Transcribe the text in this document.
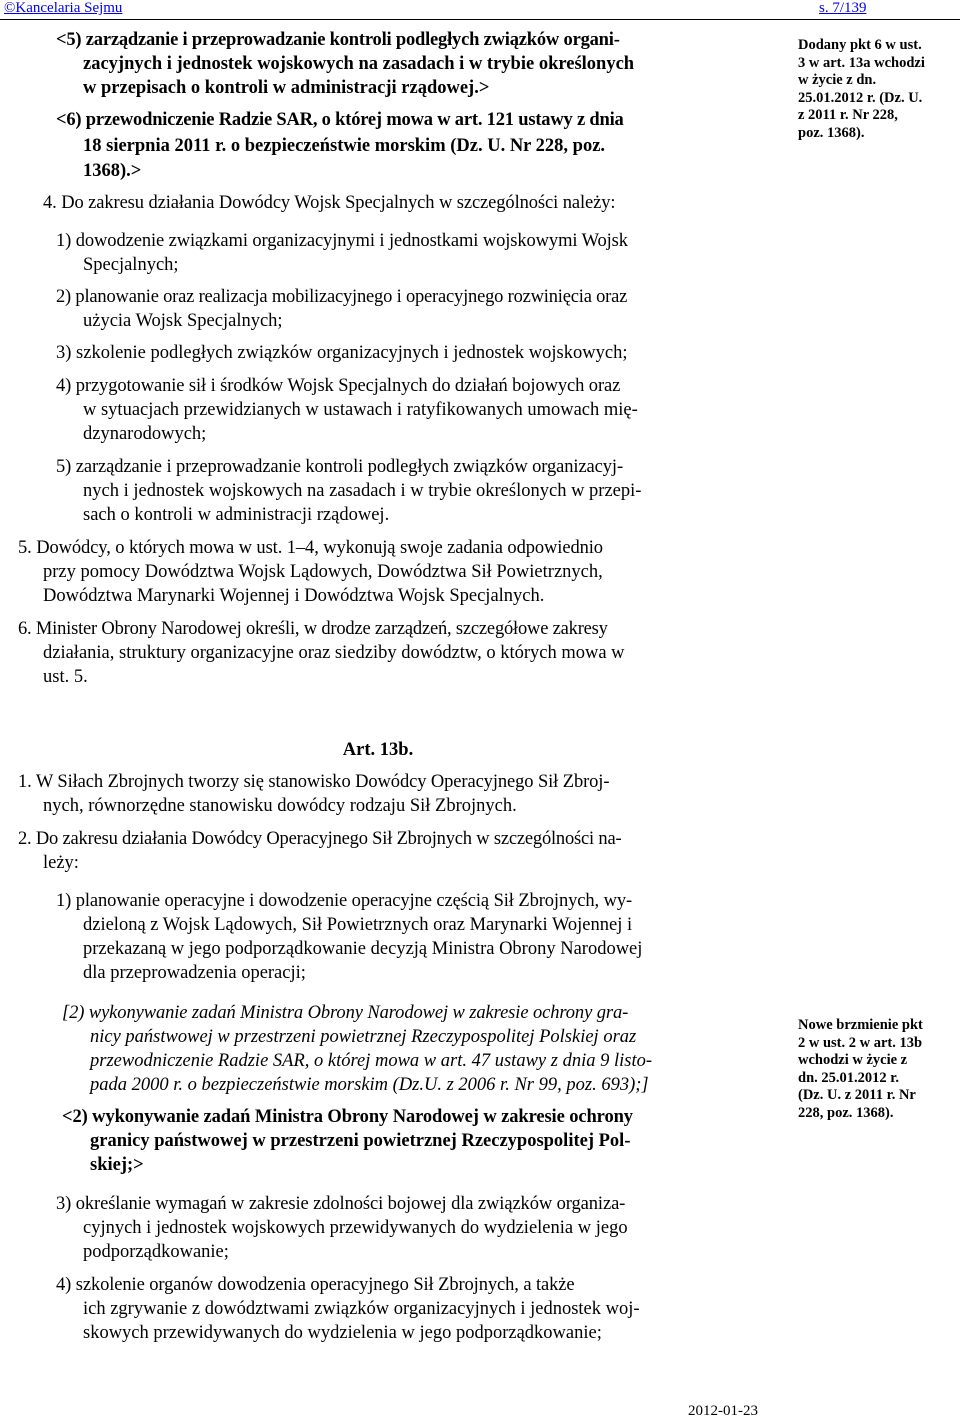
©Kancelaria Sejmu	s. 7/139
Dodany pkt 6 w ust.
3 w art. 13a wchodzi
w życie z dn.
25.01.2012 r. (Dz. U.
z 2011 r. Nr 228,
poz. 1368).
Nowe brzmienie pkt
2 w ust. 2 w art. 13b
wchodzi w życie z
dn. 25.01.2012 r.
(Dz. U. z 2011 r. Nr
228, poz. 1368).
<5) zarządzanie i przeprowadzanie kontroli podległych związków organi-
zacyjnych i jednostek wojskowych na zasadach i w trybie określonych
w przepisach o kontroli w administracji rządowej.>
<6) przewodniczenie Radzie SAR, o której mowa w art. 121 ustawy z dnia
18 sierpnia 2011 r. o bezpieczeństwie morskim (Dz. U. Nr 228, poz.
1368).>
4. Do zakresu działania Dowódcy Wojsk Specjalnych w szczególności należy:
1) dowodzenie związkami organizacyjnymi i jednostkami wojskowymi Wojsk
Specjalnych;
2) planowanie oraz realizacja mobilizacyjnego i operacyjnego rozwinięcia oraz
użycia Wojsk Specjalnych;
3) szkolenie podległych związków organizacyjnych i jednostek wojskowych;
4) przygotowanie sił i środków Wojsk Specjalnych do działań bojowych oraz
w sytuacjach przewidzianych w ustawach i ratyfikowanych umowach mię-
dzynarodowych;
5) zarządzanie i przeprowadzanie kontroli podległych związków organizacyj-
nych i jednostek wojskowych na zasadach i w trybie określonych w przepi-
sach o kontroli w administracji rządowej.
5. Dowódcy, o których mowa w ust. 1–4, wykonują swoje zadania odpowiednio
przy pomocy Dowództwa Wojsk Lądowych, Dowództwa Sił Powietrznych,
Dowództwa Marynarki Wojennej i Dowództwa Wojsk Specjalnych.
6. Minister Obrony Narodowej określi, w drodze zarządzeń, szczegółowe zakresy
działania, struktury organizacyjne oraz siedziby dowództw, o których mowa w
ust. 5.
Art. 13b.
1. W Siłach Zbrojnych tworzy się stanowisko Dowódcy Operacyjnego Sił Zbroj-
nych, równorzędne stanowisku dowódcy rodzaju Sił Zbrojnych.
2. Do zakresu działania Dowódcy Operacyjnego Sił Zbrojnych w szczególności na-
leży:
1) planowanie operacyjne i dowodzenie operacyjne częścią Sił Zbrojnych, wy-
dzieloną z Wojsk Lądowych, Sił Powietrznych oraz Marynarki Wojennej i
przekazaną w jego podporządkowanie decyzją Ministra Obrony Narodowej
dla przeprowadzenia operacji;
[2) wykonywanie zadań Ministra Obrony Narodowej w zakresie ochrony gra-
nicy państwowej w przestrzeni powietrznej Rzeczypospolitej Polskiej oraz
przewodniczenie Radzie SAR, o której mowa w art. 47 ustawy z dnia 9 listo-
pada 2000 r. o bezpieczeństwie morskim (Dz.U. z 2006 r. Nr 99, poz. 693);]
<2) wykonywanie zadań Ministra Obrony Narodowej w zakresie ochrony
granicy państwowej w przestrzeni powietrznej Rzeczypospolitej Pol-
skiej;>
3) określanie wymagań w zakresie zdolności bojowej dla związków organiza-
cyjnych i jednostek wojskowych przewidywanych do wydzielenia w jego
podporządkowanie;
4) szkolenie organów dowodzenia operacyjnego Sił Zbrojnych, a także
ich zgrywanie z dowództwami związków organizacyjnych i jednostek woj-
skowych przewidywanych do wydzielenia w jego podporządkowanie;
2012-01-23
